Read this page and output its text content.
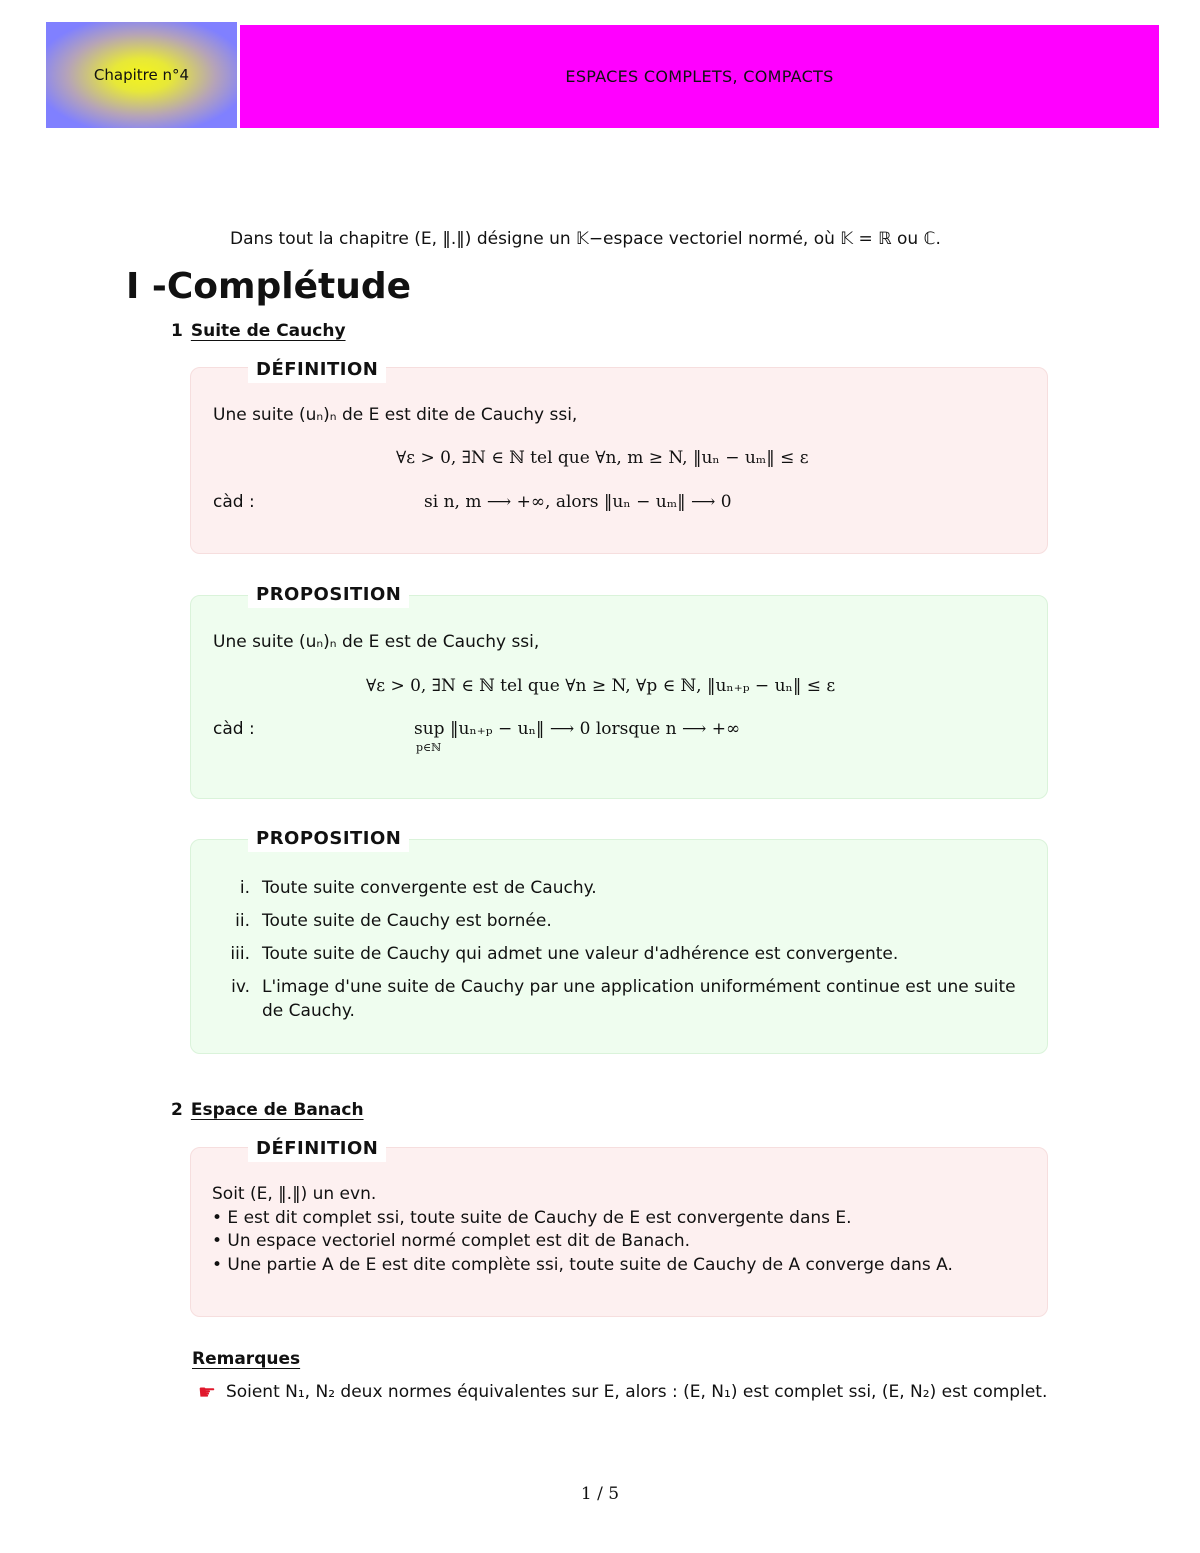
Chapitre n°4	ESPACES COMPLETS, COMPACTS
Dans tout la chapitre (E, ‖.‖) désigne un 𝕂−espace vectoriel normé, où 𝕂 = ℝ ou ℂ.
I -Complétude
1 Suite de Cauchy
DÉFINITION
Une suite (uₙ)ₙ de E est dite de Cauchy ssi,
∀ε > 0, ∃N ∈ ℕ tel que ∀n, m ≥ N, ‖uₙ − uₘ‖ ≤ ε
càd :	si n, m ⟶ +∞, alors ‖uₙ − uₘ‖ ⟶ 0
PROPOSITION
Une suite (uₙ)ₙ de E est de Cauchy ssi,
∀ε > 0, ∃N ∈ ℕ tel que ∀n ≥ N, ∀p ∈ ℕ, ‖uₙ₊ₚ − uₙ‖ ≤ ε
càd :	sup
p∈ℕ
‖uₙ₊ₚ − uₙ‖ ⟶ 0 lorsque n ⟶ +∞
PROPOSITION
i. Toute suite convergente est de Cauchy.
ii. Toute suite de Cauchy est bornée.
iii. Toute suite de Cauchy qui admet une valeur d'adhérence est convergente.
iv. L'image d'une suite de Cauchy par une application uniformément continue est une suite de Cauchy.
2 Espace de Banach
DÉFINITION
Soit (E, ‖.‖) un evn.
• E est dit complet ssi, toute suite de Cauchy de E est convergente dans E.
• Un espace vectoriel normé complet est dit de Banach.
• Une partie A de E est dite complète ssi, toute suite de Cauchy de A converge dans A.
Remarques
☛ Soient N₁, N₂ deux normes équivalentes sur E, alors : (E, N₁) est complet ssi, (E, N₂) est complet.
1 / 5
